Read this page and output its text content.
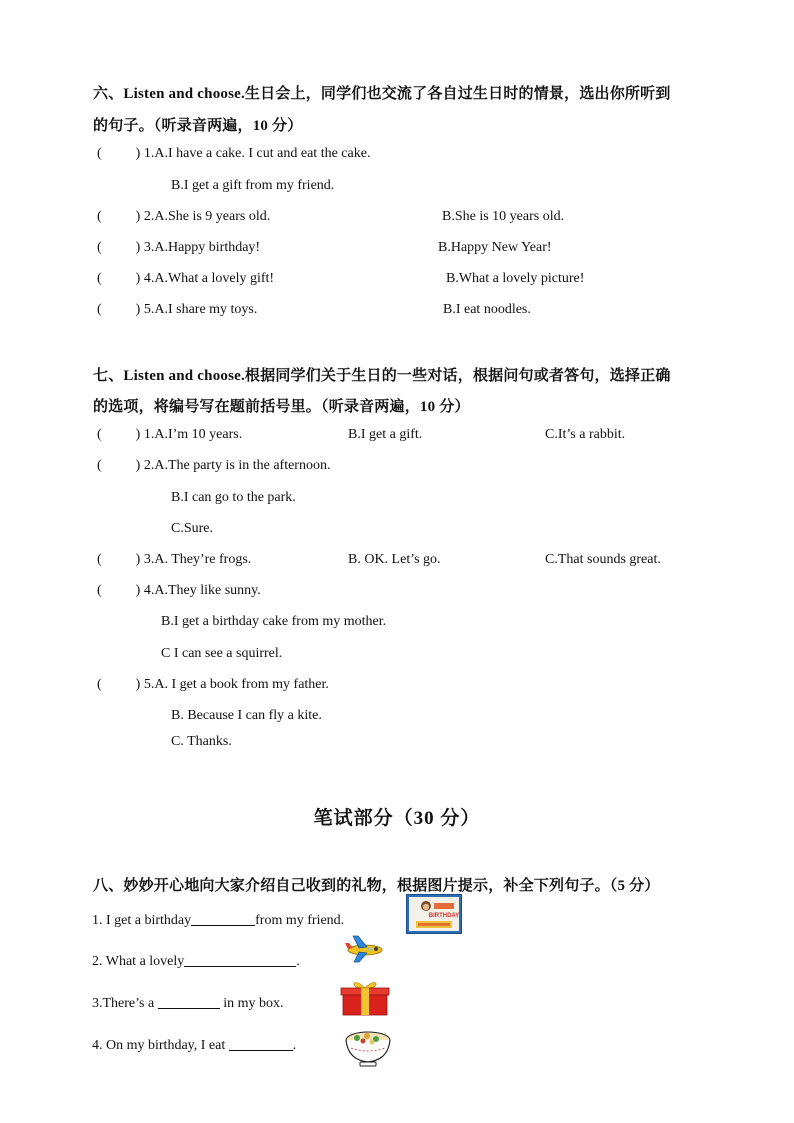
六、Listen and choose.生日会上，同学们也交流了各自过生日时的情景，选出你所听到
的句子。（听录音两遍，10 分）
( ) 1.A.I have a cake. I cut and eat the cake.
B.I get a gift from my friend.
( ) 2.A.She is 9 years old.	B.She is 10 years old.
( ) 3.A.Happy birthday!	B.Happy New Year!
( ) 4.A.What a lovely gift!	B.What a lovely picture!
( ) 5.A.I share my toys.	B.I eat noodles.
七、Listen and choose.根据同学们关于生日的一些对话，根据问句或者答句，选择正确
的选项，将编号写在题前括号里。（听录音两遍，10 分）
( ) 1.A.I’m 10 years.	B.I get a gift.	C.It’s a rabbit.
( ) 2.A.The party is in the afternoon.
B.I can go to the park.
C.Sure.
( ) 3.A. They’re frogs.	B. OK. Let’s go.	C.That sounds great.
( ) 4.A.They like sunny.
B.I get a birthday cake from my mother.
C I can see a squirrel.
( ) 5.A. I get a book from my father.
B. Because I can fly a kite.
C. Thanks.
笔试部分（30 分）
八、妙妙开心地向大家介绍自己收到的礼物，根据图片提示，补全下列句子。（5 分）
1. I get a birthday	from my friend.
2. What a lovely	.
3.There’s a	in my box.
4. On my birthday, I eat	.
BIRTHDAY
